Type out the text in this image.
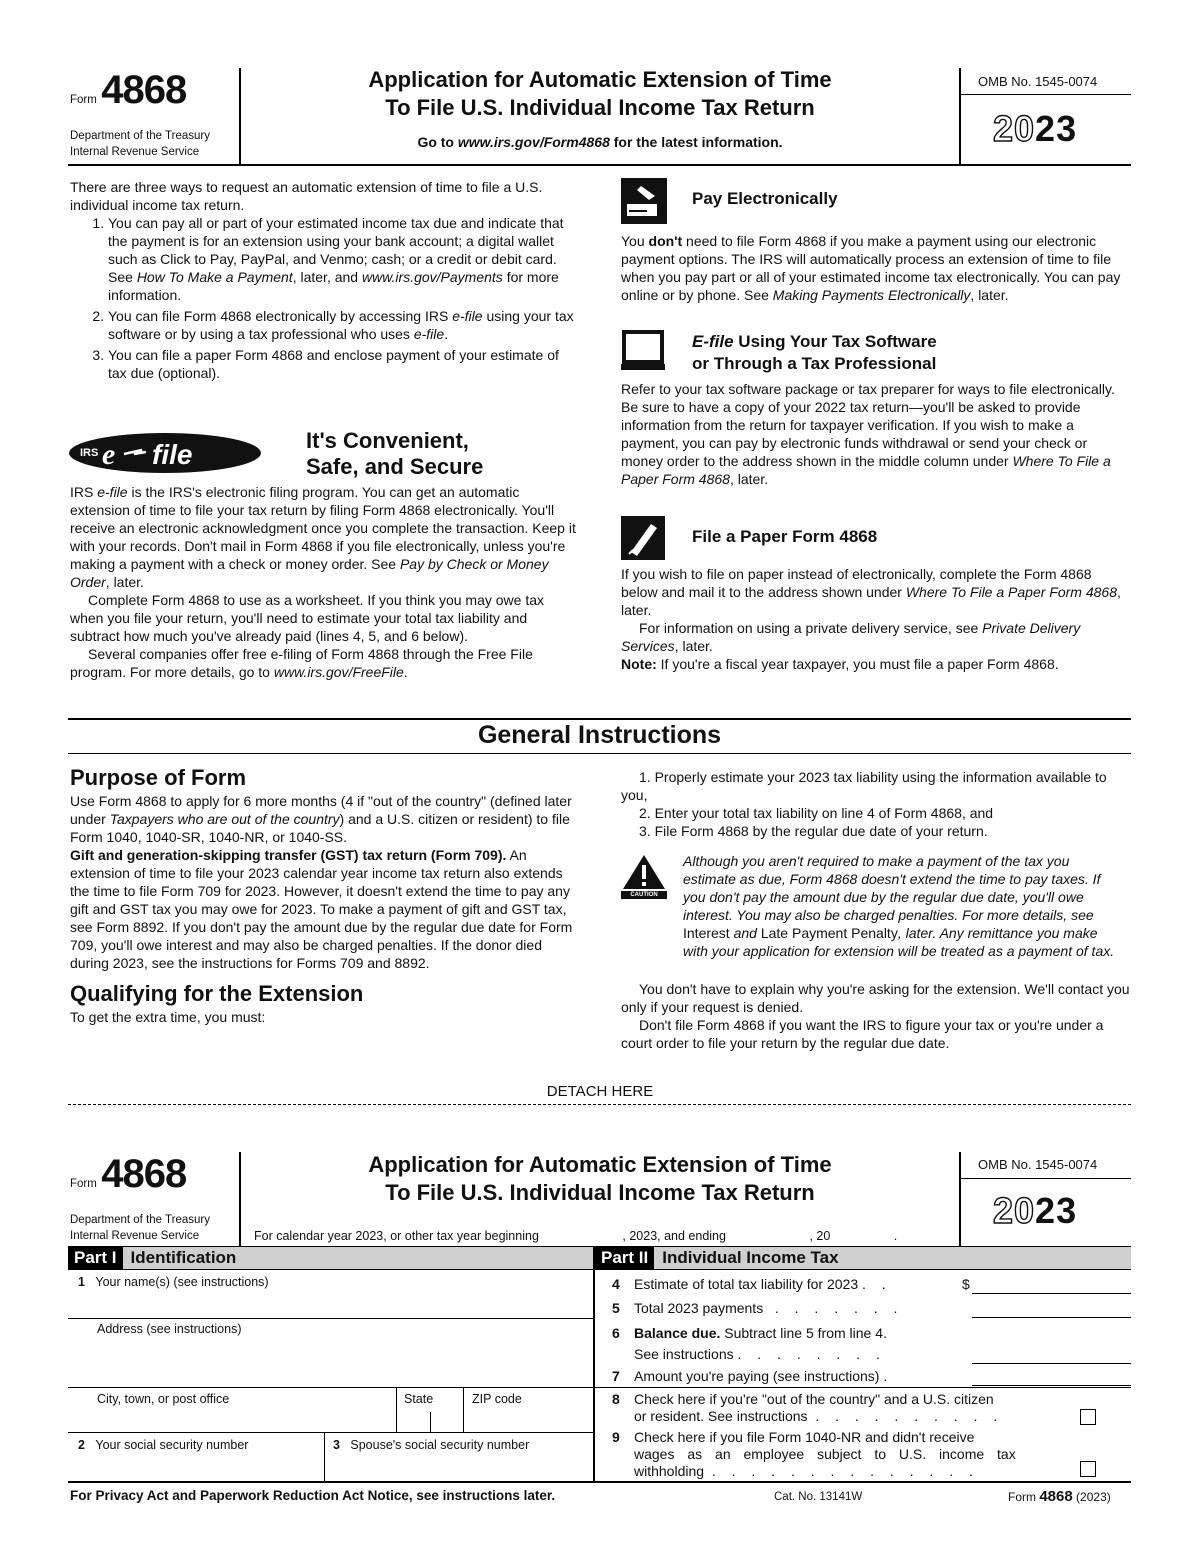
Form 4868
Department of the Treasury
Internal Revenue Service
Application for Automatic Extension of Time
To File U.S. Individual Income Tax Return
Go to www.irs.gov/Form4868 for the latest information.
OMB No. 1545-0074
2023

There are three ways to request an automatic extension of time to file a U.S. individual income tax return.

1. You can pay all or part of your estimated income tax due and indicate that the payment is for an extension using your bank account; a digital wallet such as Click to Pay, PayPal, and Venmo; cash; or a credit or debit card. See How To Make a Payment, later, and www.irs.gov/Payments for more information.
2. You can file Form 4868 electronically by accessing IRS e-file using your tax software or by using a tax professional who uses e-file.
3. You can file a paper Form 4868 and enclose payment of your estimate of tax due (optional).
IRS e file	It's Convenient,
Safe, and Secure

IRS e-file is the IRS's electronic filing program. You can get an automatic extension of time to file your tax return by filing Form 4868 electronically. You'll receive an electronic acknowledgment once you complete the transaction. Keep it with your records. Don't mail in Form 4868 if you file electronically, unless you're making a payment with a check or money order. See Pay by Check or Money Order, later.

Complete Form 4868 to use as a worksheet. If you think you may owe tax when you file your return, you'll need to estimate your total tax liability and subtract how much you've already paid (lines 4, 5, and 6 below).

Several companies offer free e-filing of Form 4868 through the Free File program. For more details, go to www.irs.gov/FreeFile.

Pay Electronically

You don't need to file Form 4868 if you make a payment using our electronic payment options. The IRS will automatically process an extension of time to file when you pay part or all of your estimated income tax electronically. You can pay online or by phone. See Making Payments Electronically, later.

E-file Using Your Tax Software
or Through a Tax Professional

Refer to your tax software package or tax preparer for ways to file electronically. Be sure to have a copy of your 2022 tax return—you'll be asked to provide information from the return for taxpayer verification. If you wish to make a payment, you can pay by electronic funds withdrawal or send your check or money order to the address shown in the middle column under Where To File a Paper Form 4868, later.

File a Paper Form 4868

If you wish to file on paper instead of electronically, complete the Form 4868 below and mail it to the address shown under Where To File a Paper Form 4868, later.

For information on using a private delivery service, see Private Delivery Services, later.

Note: If you're a fiscal year taxpayer, you must file a paper Form 4868.

General Instructions
Purpose of Form

Use Form 4868 to apply for 6 more months (4 if "out of the country" (defined later under Taxpayers who are out of the country) and a U.S. citizen or resident) to file Form 1040, 1040-SR, 1040-NR, or 1040-SS.

Gift and generation-skipping transfer (GST) tax return (Form 709). An extension of time to file your 2023 calendar year income tax return also extends the time to file Form 709 for 2023. However, it doesn't extend the time to pay any gift and GST tax you may owe for 2023. To make a payment of gift and GST tax, see Form 8892. If you don't pay the amount due by the regular due date for Form 709, you'll owe interest and may also be charged penalties. If the donor died during 2023, see the instructions for Forms 709 and 8892.

Qualifying for the Extension

To get the extra time, you must:

1. Properly estimate your 2023 tax liability using the information available to you,

2. Enter your total tax liability on line 4 of Form 4868, and

3. File Form 4868 by the regular due date of your return.

CAUTION

Although you aren't required to make a payment of the tax you estimate as due, Form 4868 doesn't extend the time to pay taxes. If you don't pay the amount due by the regular due date, you'll owe interest. You may also be charged penalties. For more details, see Interest and Late Payment Penalty, later. Any remittance you make with your application for extension will be treated as a payment of tax.

You don't have to explain why you're asking for the extension. We'll contact you only if your request is denied.

Don't file Form 4868 if you want the IRS to figure your tax or you're under a court order to file your return by the regular due date.

DETACH HERE
Form 4868
Department of the Treasury
Internal Revenue Service
Application for Automatic Extension of Time
To File U.S. Individual Income Tax Return
For calendar year 2023, or other tax year beginning	, 2023, and ending	, 20	.
OMB No. 1545-0074
2023
Part I Identification	Part II Individual Income Tax
1 Your name(s) (see instructions)
Address (see instructions)
City, town, or post office	State	ZIP code
2 Your social security number	3 Spouse's social security number
4 Estimate of total tax liability for 2023 . .	$
5 Total 2023 payments . . . . . . .
6 Balance due. Subtract line 5 from line 4.
See instructions . . . . . . . .
7 Amount you're paying (see instructions) .
8 Check here if you're "out of the country" and a U.S. citizen
or resident. See instructions . . . . . . . . . .
9 Check here if you file Form 1040-NR and didn't receive
wages as an employee subject to U.S. income tax
withholding . . . . . . . . . . . . . .
For Privacy Act and Paperwork Reduction Act Notice, see instructions later.	Cat. No. 13141W	Form 4868 (2023)
